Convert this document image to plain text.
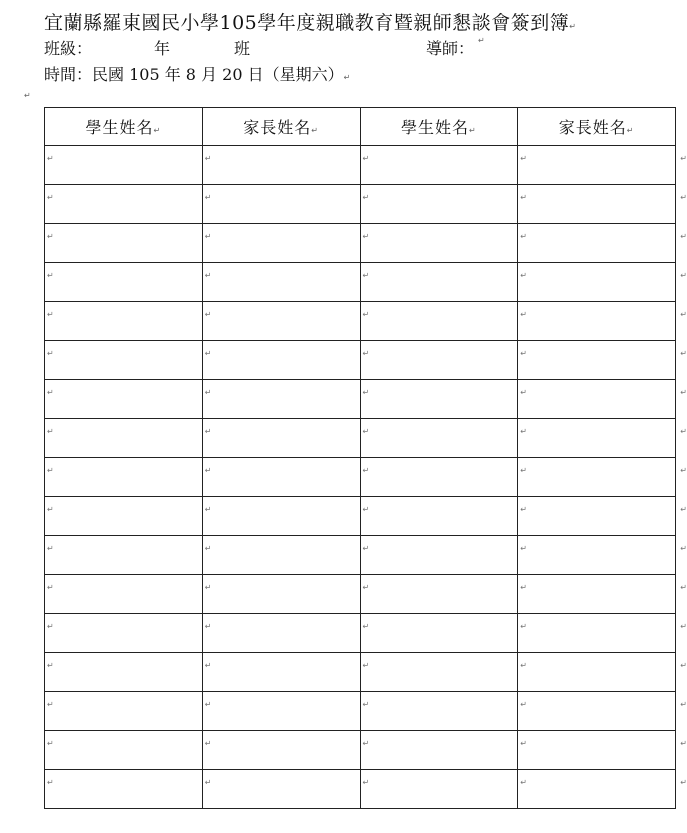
宜蘭縣羅東國民小學105學年度親職教育暨親師懇談會簽到簿↵
班級：	年	班	導師： ↵
時間：民國 105 年 8 月 20 日（星期六）↵
↵
學生姓名↵	家長姓名↵	學生姓名↵	家長姓名↵

↵	↵	↵	↵ ↵

↵	↵	↵	↵ ↵

↵	↵	↵	↵ ↵

↵	↵	↵	↵ ↵

↵	↵	↵	↵ ↵

↵	↵	↵	↵ ↵

↵	↵	↵	↵ ↵

↵	↵	↵	↵ ↵

↵	↵	↵	↵ ↵

↵	↵	↵	↵ ↵

↵	↵	↵	↵ ↵

↵	↵	↵	↵ ↵

↵	↵	↵	↵ ↵

↵	↵	↵	↵ ↵

↵	↵	↵	↵ ↵

↵	↵	↵	↵ ↵

↵	↵	↵	↵ ↵
